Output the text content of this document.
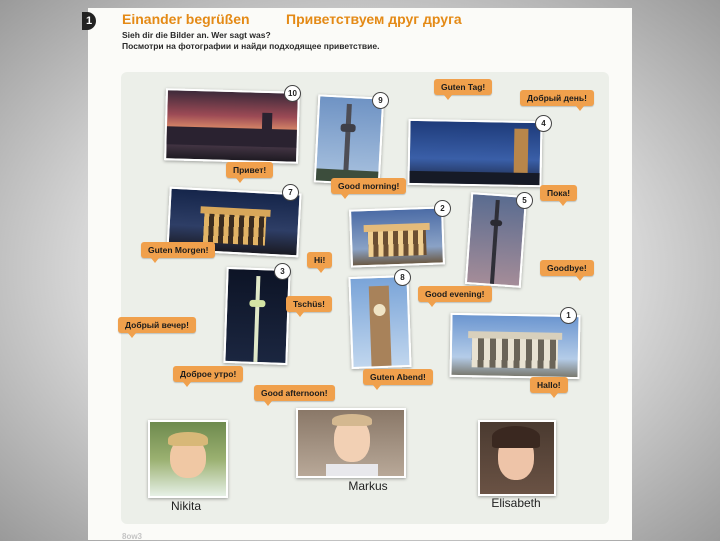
1 Einander begrüßen	Приветствуем друг друга
Sieh dir die Bilder an. Wer sagt was?
Посмотри на фотографии и найди подходящее приветствие.
10
9
4
7
2
5
3
8
1
Guten Tag!
Добрый день!
Привет!
Good morning!
Пока!
Guten Morgen!
Hi!
Goodbye!
Tschüs!
Good evening!
Добрый вечер!
Доброе утро!	Guten Abend!
Good afternoon!
Hallo!
Nikita
Markus
Elisabeth
8ow3
